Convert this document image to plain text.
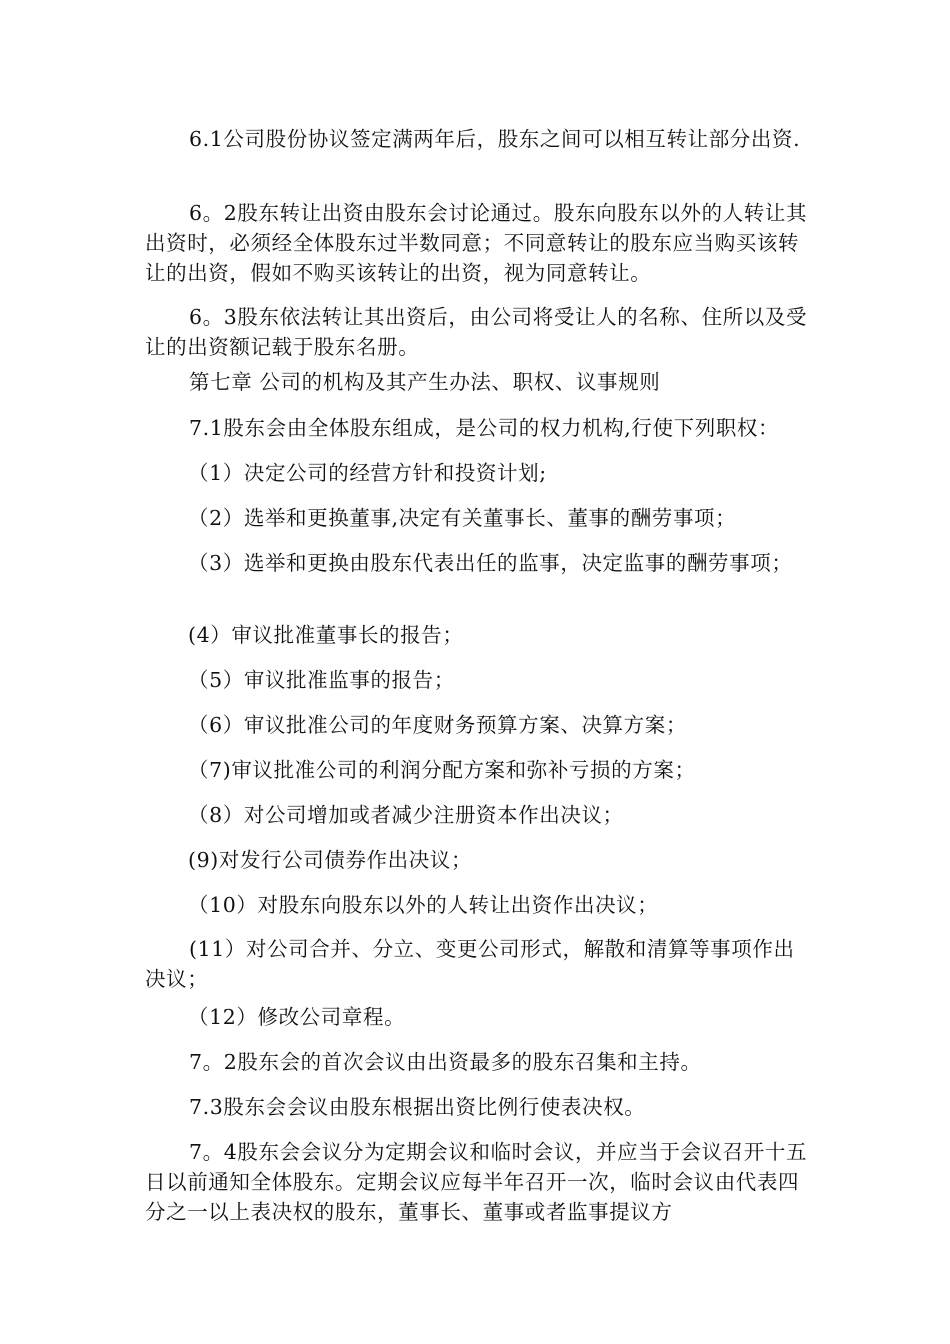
6.1公司股份协议签定满两年后，股东之间可以相互转让部分出资.

6。2股东转让出资由股东会讨论通过。股东向股东以外的人转让其出资时，必须经全体股东过半数同意；不同意转让的股东应当购买该转让的出资，假如不购买该转让的出资，视为同意转让。

6。3股东依法转让其出资后，由公司将受让人的名称、住所以及受让的出资额记载于股东名册。

第七章 公司的机构及其产生办法、职权、议事规则

7.1股东会由全体股东组成，是公司的权力机构,行使下列职权：

（1）决定公司的经营方针和投资计划;

（2）选举和更换董事,决定有关董事长、董事的酬劳事项；

（3）选举和更换由股东代表出任的监事，决定监事的酬劳事项；

(4）审议批准董事长的报告；

（5）审议批准监事的报告；

（6）审议批准公司的年度财务预算方案、决算方案；

（7)审议批准公司的利润分配方案和弥补亏损的方案；

（8）对公司增加或者减少注册资本作出决议；

(9)对发行公司债券作出决议；

（10）对股东向股东以外的人转让出资作出决议；

(11）对公司合并、分立、变更公司形式，解散和清算等事项作出决议；

（12）修改公司章程。

7。2股东会的首次会议由出资最多的股东召集和主持。

7.3股东会会议由股东根据出资比例行使表决权。

7。4股东会会议分为定期会议和临时会议，并应当于会议召开十五日以前通知全体股东。定期会议应每半年召开一次，临时会议由代表四分之一以上表决权的股东，董事长、董事或者监事提议方
